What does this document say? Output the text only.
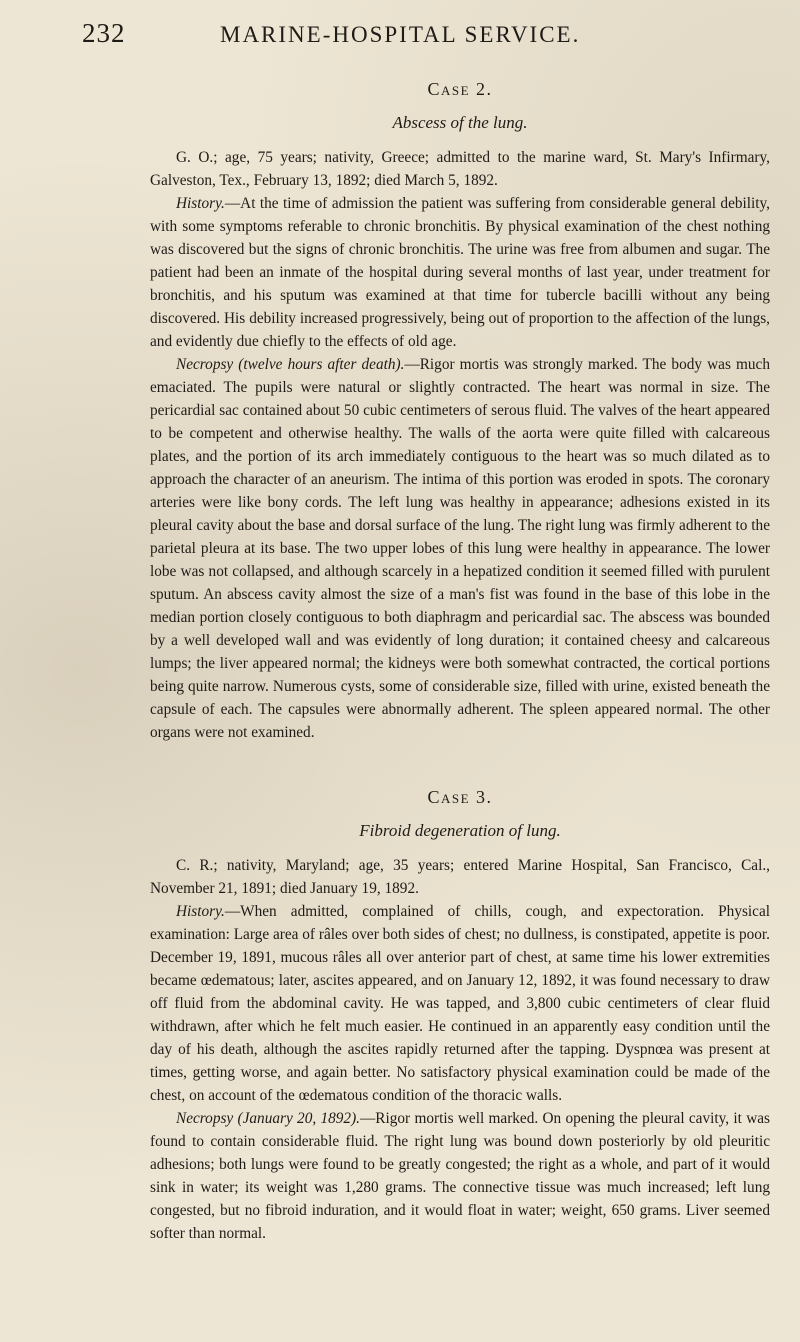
232	MARINE-HOSPITAL SERVICE.
Case 2.
Abscess of the lung.

G. O.; age, 75 years; nativity, Greece; admitted to the marine ward, St. Mary's Infirmary, Galveston, Tex., February 13, 1892; died March 5, 1892.

History.—At the time of admission the patient was suffering from considerable general debility, with some symptoms referable to chronic bronchitis. By physical examination of the chest nothing was discovered but the signs of chronic bronchitis. The urine was free from albumen and sugar. The patient had been an inmate of the hospital during several months of last year, under treatment for bronchitis, and his sputum was examined at that time for tubercle bacilli without any being discovered. His debility increased progressively, being out of proportion to the affection of the lungs, and evidently due chiefly to the effects of old age.

Necropsy (twelve hours after death).—Rigor mortis was strongly marked. The body was much emaciated. The pupils were natural or slightly contracted. The heart was normal in size. The pericardial sac contained about 50 cubic centimeters of serous fluid. The valves of the heart appeared to be competent and otherwise healthy. The walls of the aorta were quite filled with calcareous plates, and the portion of its arch immediately contiguous to the heart was so much dilated as to approach the character of an aneurism. The intima of this portion was eroded in spots. The coronary arteries were like bony cords. The left lung was healthy in appearance; adhesions existed in its pleural cavity about the base and dorsal surface of the lung. The right lung was firmly adherent to the parietal pleura at its base. The two upper lobes of this lung were healthy in appearance. The lower lobe was not collapsed, and although scarcely in a hepatized condition it seemed filled with purulent sputum. An abscess cavity almost the size of a man's fist was found in the base of this lobe in the median portion closely contiguous to both diaphragm and pericardial sac. The abscess was bounded by a well developed wall and was evidently of long duration; it contained cheesy and calcareous lumps; the liver appeared normal; the kidneys were both somewhat contracted, the cortical portions being quite narrow. Numerous cysts, some of considerable size, filled with urine, existed beneath the capsule of each. The capsules were abnormally adherent. The spleen appeared normal. The other organs were not examined.

Case 3.
Fibroid degeneration of lung.

C. R.; nativity, Maryland; age, 35 years; entered Marine Hospital, San Francisco, Cal., November 21, 1891; died January 19, 1892.

History.—When admitted, complained of chills, cough, and expectoration. Physical examination: Large area of râles over both sides of chest; no dullness, is constipated, appetite is poor. December 19, 1891, mucous râles all over anterior part of chest, at same time his lower extremities became œdematous; later, ascites appeared, and on January 12, 1892, it was found necessary to draw off fluid from the abdominal cavity. He was tapped, and 3,800 cubic centimeters of clear fluid withdrawn, after which he felt much easier. He continued in an apparently easy condition until the day of his death, although the ascites rapidly returned after the tapping. Dyspnœa was present at times, getting worse, and again better. No satisfactory physical examination could be made of the chest, on account of the œdematous condition of the thoracic walls.

Necropsy (January 20, 1892).—Rigor mortis well marked. On opening the pleural cavity, it was found to contain considerable fluid. The right lung was bound down posteriorly by old pleuritic adhesions; both lungs were found to be greatly congested; the right as a whole, and part of it would sink in water; its weight was 1,280 grams. The connective tissue was much increased; left lung congested, but no fibroid induration, and it would float in water; weight, 650 grams. Liver seemed softer than normal.
